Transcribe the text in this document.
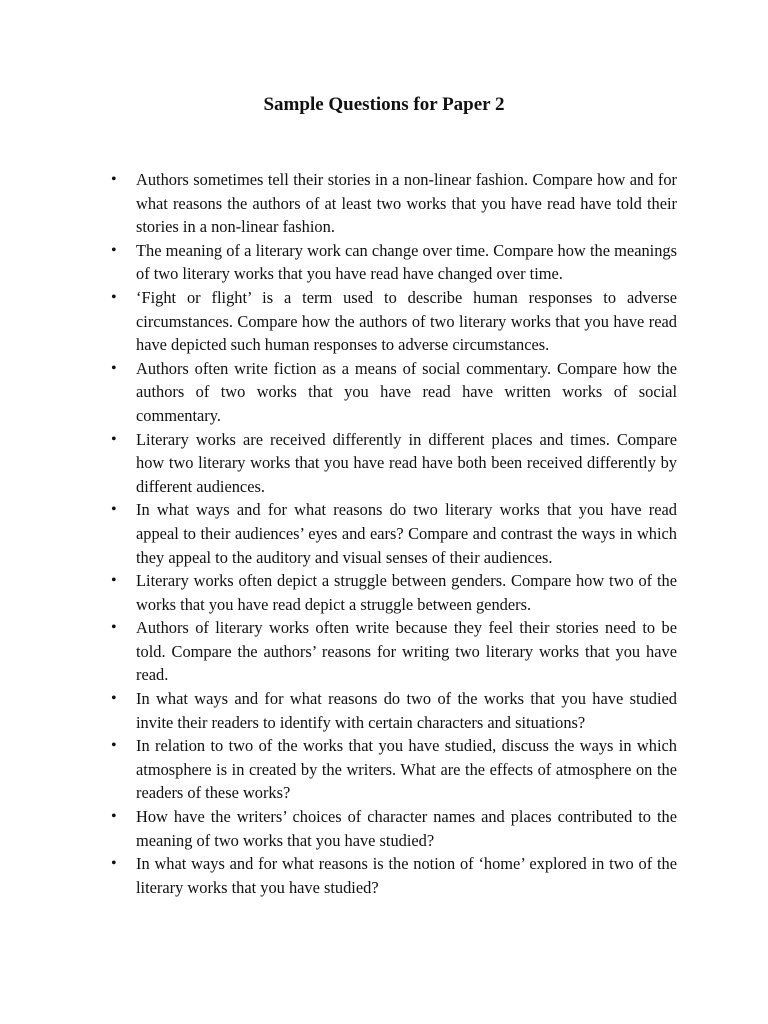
Sample Questions for Paper 2
• Authors sometimes tell their stories in a non-linear fashion. Compare how and for what reasons the authors of at least two works that you have read have told their stories in a non-linear fashion.
• The meaning of a literary work can change over time. Compare how the meanings of two literary works that you have read have changed over time.
• ‘Fight or flight’ is a term used to describe human responses to adverse circumstances. Compare how the authors of two literary works that you have read have depicted such human responses to adverse circumstances.
• Authors often write fiction as a means of social commentary. Compare how the authors of two works that you have read have written works of social commentary.
• Literary works are received differently in different places and times. Compare how two literary works that you have read have both been received differently by different audiences.
• In what ways and for what reasons do two literary works that you have read appeal to their audiences’ eyes and ears? Compare and contrast the ways in which they appeal to the auditory and visual senses of their audiences.
• Literary works often depict a struggle between genders. Compare how two of the works that you have read depict a struggle between genders.
• Authors of literary works often write because they feel their stories need to be told. Compare the authors’ reasons for writing two literary works that you have read.
• In what ways and for what reasons do two of the works that you have studied invite their readers to identify with certain characters and situations?
• In relation to two of the works that you have studied, discuss the ways in which atmosphere is in created by the writers. What are the effects of atmosphere on the readers of these works?
• How have the writers’ choices of character names and places contributed to the meaning of two works that you have studied?
• In what ways and for what reasons is the notion of ‘home’ explored in two of the literary works that you have studied?
